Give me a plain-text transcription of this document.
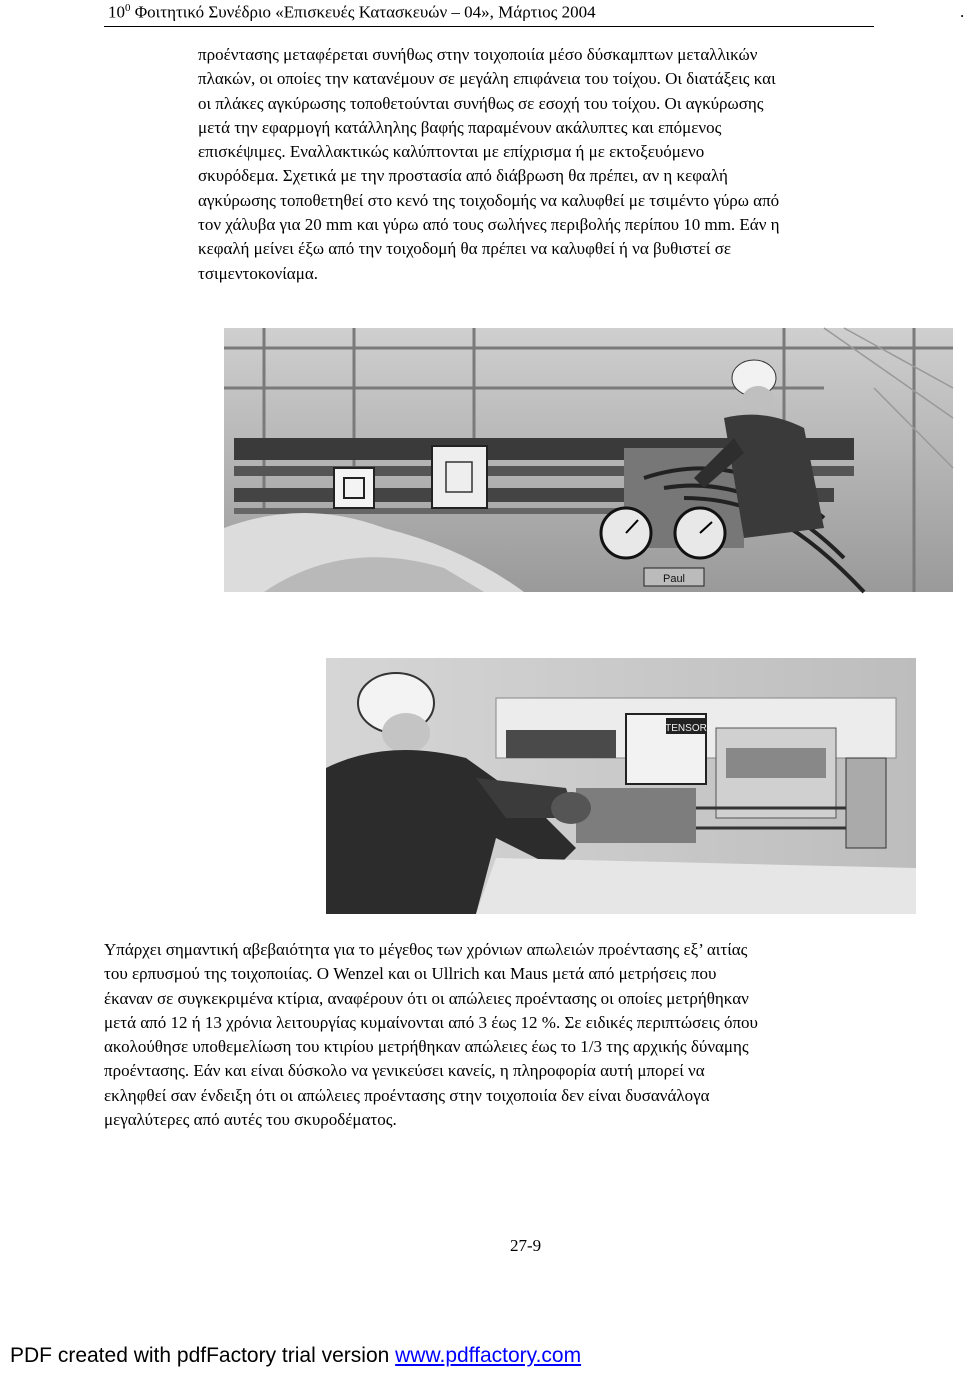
$10^0$ Φοιτητικό Συνέδριο «Επισκευές Κατασκευών – 04», Μάρτιος 2004	.
προέντασης μεταφέρεται συνήθως στην τοιχοποιία μέσο δύσκαμπτων μεταλλικών
πλακών, οι οποίες την κατανέμουν σε μεγάλη επιφάνεια του τοίχου. Οι διατάξεις και
οι πλάκες αγκύρωσης τοποθετούνται συνήθως σε εσοχή του τοίχου. Οι αγκύρωσης
μετά την εφαρμογή κατάλληλης βαφής παραμένουν ακάλυπτες και επόμενος
επισκέψιμες. Εναλλακτικώς καλύπτονται με επίχρισμα ή με εκτοξευόμενο
σκυρόδεμα. Σχετικά με την προστασία από διάβρωση θα πρέπει, αν η κεφαλή
αγκύρωσης τοποθετηθεί στο κενό της τοιχοδομής να καλυφθεί με τσιμέντο γύρω από
τον χάλυβα για 20 mm και γύρω από τους σωλήνες περιβολής περίπου 10 mm. Εάν η
κεφαλή μείνει έξω από την τοιχοδομή θα πρέπει να καλυφθεί ή να βυθιστεί σε
τσιμεντοκονίαμα.
Paul
TENSOR
Υπάρχει σημαντική αβεβαιότητα για το μέγεθος των χρόνιων απωλειών προέντασης εξ’ αιτίας
του ερπυσμού της τοιχοποιίας. Ο Wenzel και οι Ullrich και Maus μετά από μετρήσεις που
έκαναν σε συγκεκριμένα κτίρια, αναφέρουν ότι οι απώλειες προέντασης οι οποίες μετρήθηκαν
μετά από 12 ή 13 χρόνια λειτουργίας κυμαίνονται από 3 έως 12 %. Σε ειδικές περιπτώσεις όπου
ακολούθησε υποθεμελίωση του κτιρίου μετρήθηκαν απώλειες έως το 1/3 της αρχικής δύναμης
προέντασης. Εάν και είναι δύσκολο να γενικεύσει κανείς, η πληροφορία αυτή μπορεί να
εκληφθεί σαν ένδειξη ότι οι απώλειες προέντασης στην τοιχοποιία δεν είναι δυσανάλογα
μεγαλύτερες από αυτές του σκυροδέματος.
27-9
PDF created with pdfFactory trial version www.pdffactory.com
